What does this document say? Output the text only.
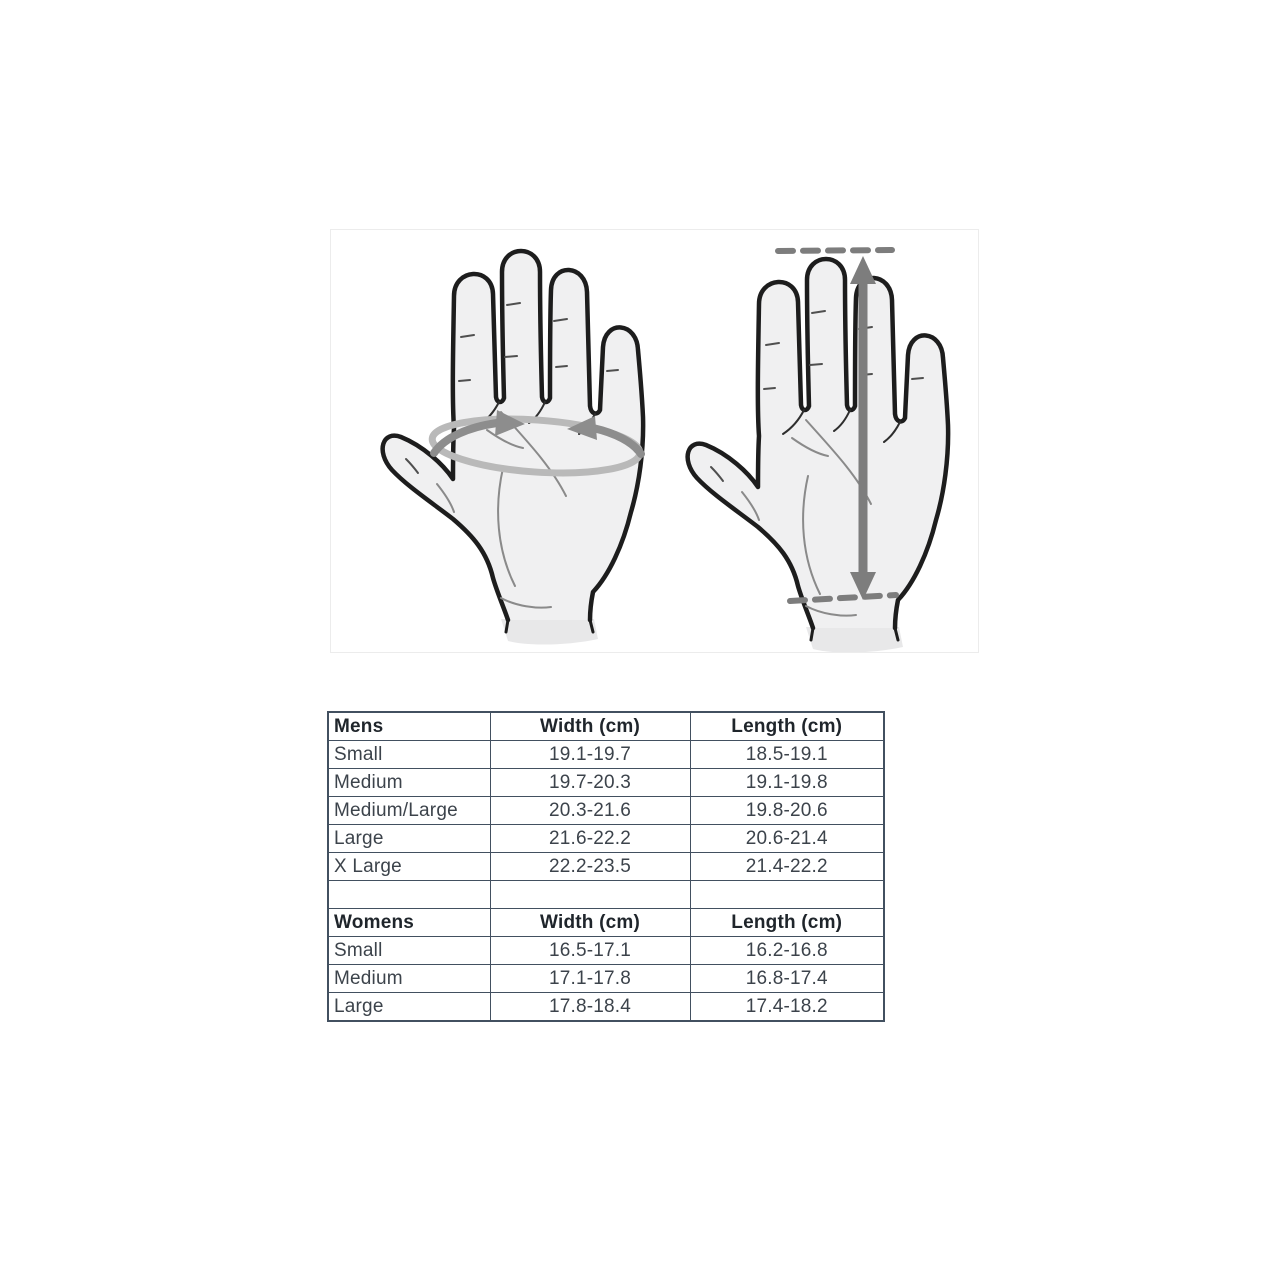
Mens	Width (cm)	Length (cm)
Small	19.1-19.7	18.5-19.1
Medium	19.7-20.3	19.1-19.8
Medium/Large	20.3-21.6	19.8-20.6
Large	21.6-22.2	20.6-21.4
X Large	22.2-23.5	21.4-22.2

Womens	Width (cm)	Length (cm)
Small	16.5-17.1	16.2-16.8
Medium	17.1-17.8	16.8-17.4
Large	17.8-18.4	17.4-18.2
